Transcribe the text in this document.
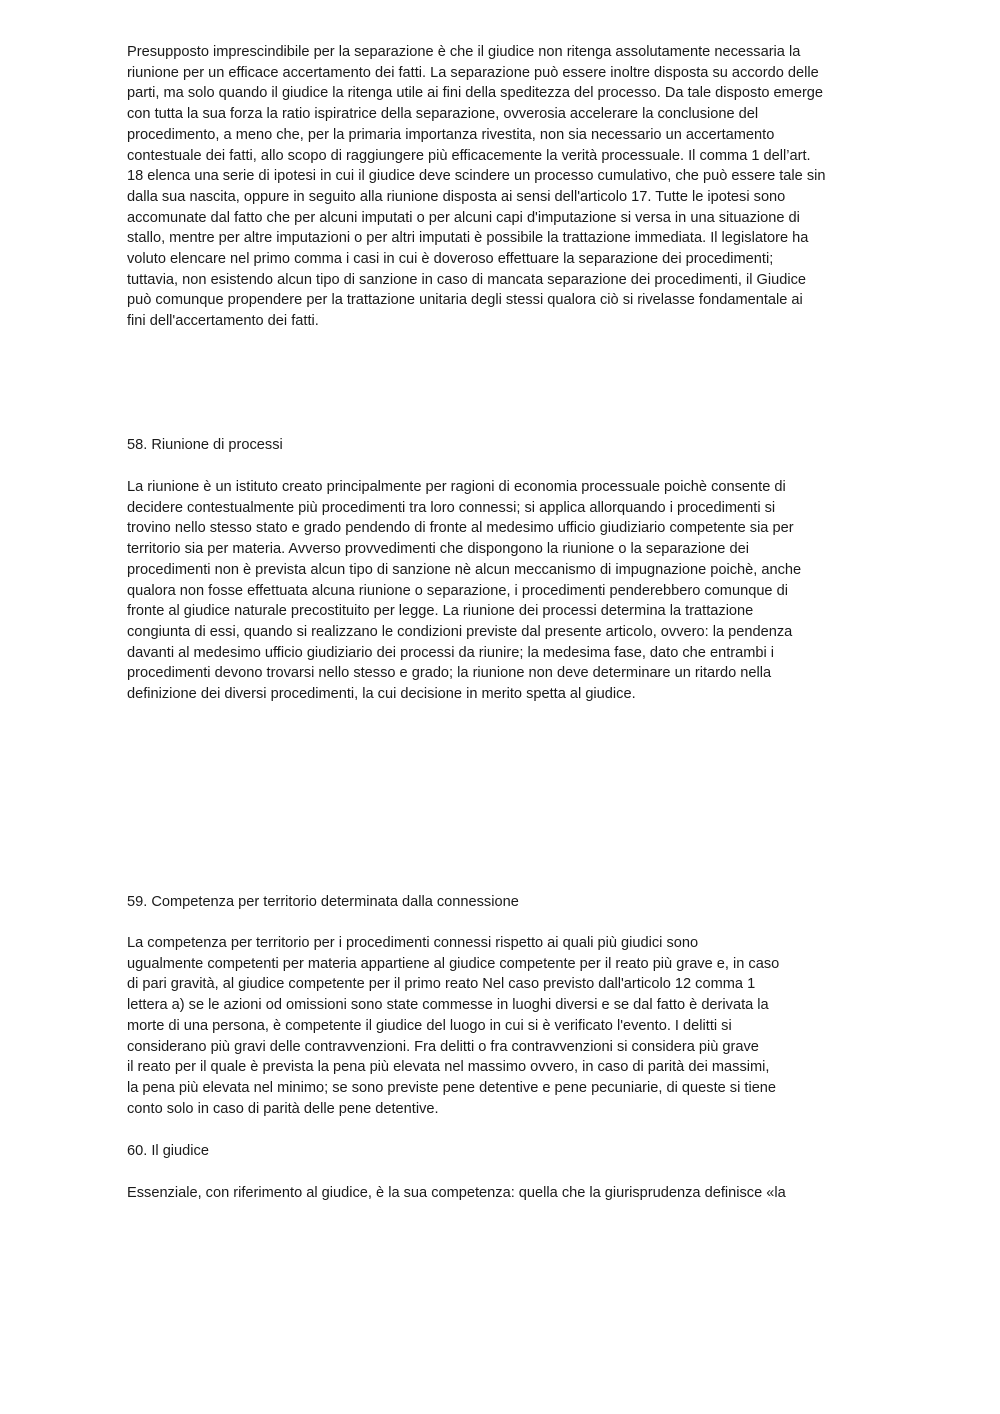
Presupposto imprescindibile per la separazione è che il giudice non ritenga assolutamente necessaria la
riunione per un efficace accertamento dei fatti. La separazione può essere inoltre disposta su accordo delle
parti, ma solo quando il giudice la ritenga utile ai fini della speditezza del processo. Da tale disposto emerge
con tutta la sua forza la ratio ispiratrice della separazione, ovverosia accelerare la conclusione del
procedimento, a meno che, per la primaria importanza rivestita, non sia necessario un accertamento
contestuale dei fatti, allo scopo di raggiungere più efficacemente la verità processuale. Il comma 1 dell’art.
18 elenca una serie di ipotesi in cui il giudice deve scindere un processo cumulativo, che può essere tale sin
dalla sua nascita, oppure in seguito alla riunione disposta ai sensi dell'articolo 17. Tutte le ipotesi sono
accomunate dal fatto che per alcuni imputati o per alcuni capi d'imputazione si versa in una situazione di
stallo, mentre per altre imputazioni o per altri imputati è possibile la trattazione immediata. Il legislatore ha
voluto elencare nel primo comma i casi in cui è doveroso effettuare la separazione dei procedimenti;
tuttavia, non esistendo alcun tipo di sanzione in caso di mancata separazione dei procedimenti, il Giudice
può comunque propendere per la trattazione unitaria degli stessi qualora ciò si rivelasse fondamentale ai
fini dell'accertamento dei fatti.
58. Riunione di processi
La riunione è un istituto creato principalmente per ragioni di economia processuale poichè consente di
decidere contestualmente più procedimenti tra loro connessi; si applica allorquando i procedimenti si
trovino nello stesso stato e grado pendendo di fronte al medesimo ufficio giudiziario competente sia per
territorio sia per materia. Avverso provvedimenti che dispongono la riunione o la separazione dei
procedimenti non è prevista alcun tipo di sanzione nè alcun meccanismo di impugnazione poichè, anche
qualora non fosse effettuata alcuna riunione o separazione, i procedimenti penderebbero comunque di
fronte al giudice naturale precostituito per legge. La riunione dei processi determina la trattazione
congiunta di essi, quando si realizzano le condizioni previste dal presente articolo, ovvero: la pendenza
davanti al medesimo ufficio giudiziario dei processi da riunire; la medesima fase, dato che entrambi i
procedimenti devono trovarsi nello stesso e grado; la riunione non deve determinare un ritardo nella
definizione dei diversi procedimenti, la cui decisione in merito spetta al giudice.
59. Competenza per territorio determinata dalla connessione
La competenza per territorio per i procedimenti connessi rispetto ai quali più giudici sono
ugualmente competenti per materia appartiene al giudice competente per il reato più grave e, in caso
di pari gravità, al giudice competente per il primo reato Nel caso previsto dall'articolo 12 comma 1
lettera a) se le azioni od omissioni sono state commesse in luoghi diversi e se dal fatto è derivata la
morte di una persona, è competente il giudice del luogo in cui si è verificato l'evento. I delitti si
considerano più gravi delle contravvenzioni. Fra delitti o fra contravvenzioni si considera più grave
il reato per il quale è prevista la pena più elevata nel massimo ovvero, in caso di parità dei massimi,
la pena più elevata nel minimo; se sono previste pene detentive e pene pecuniarie, di queste si tiene
conto solo in caso di parità delle pene detentive.
60. Il giudice
Essenziale, con riferimento al giudice, è la sua competenza: quella che la giurisprudenza definisce «la
